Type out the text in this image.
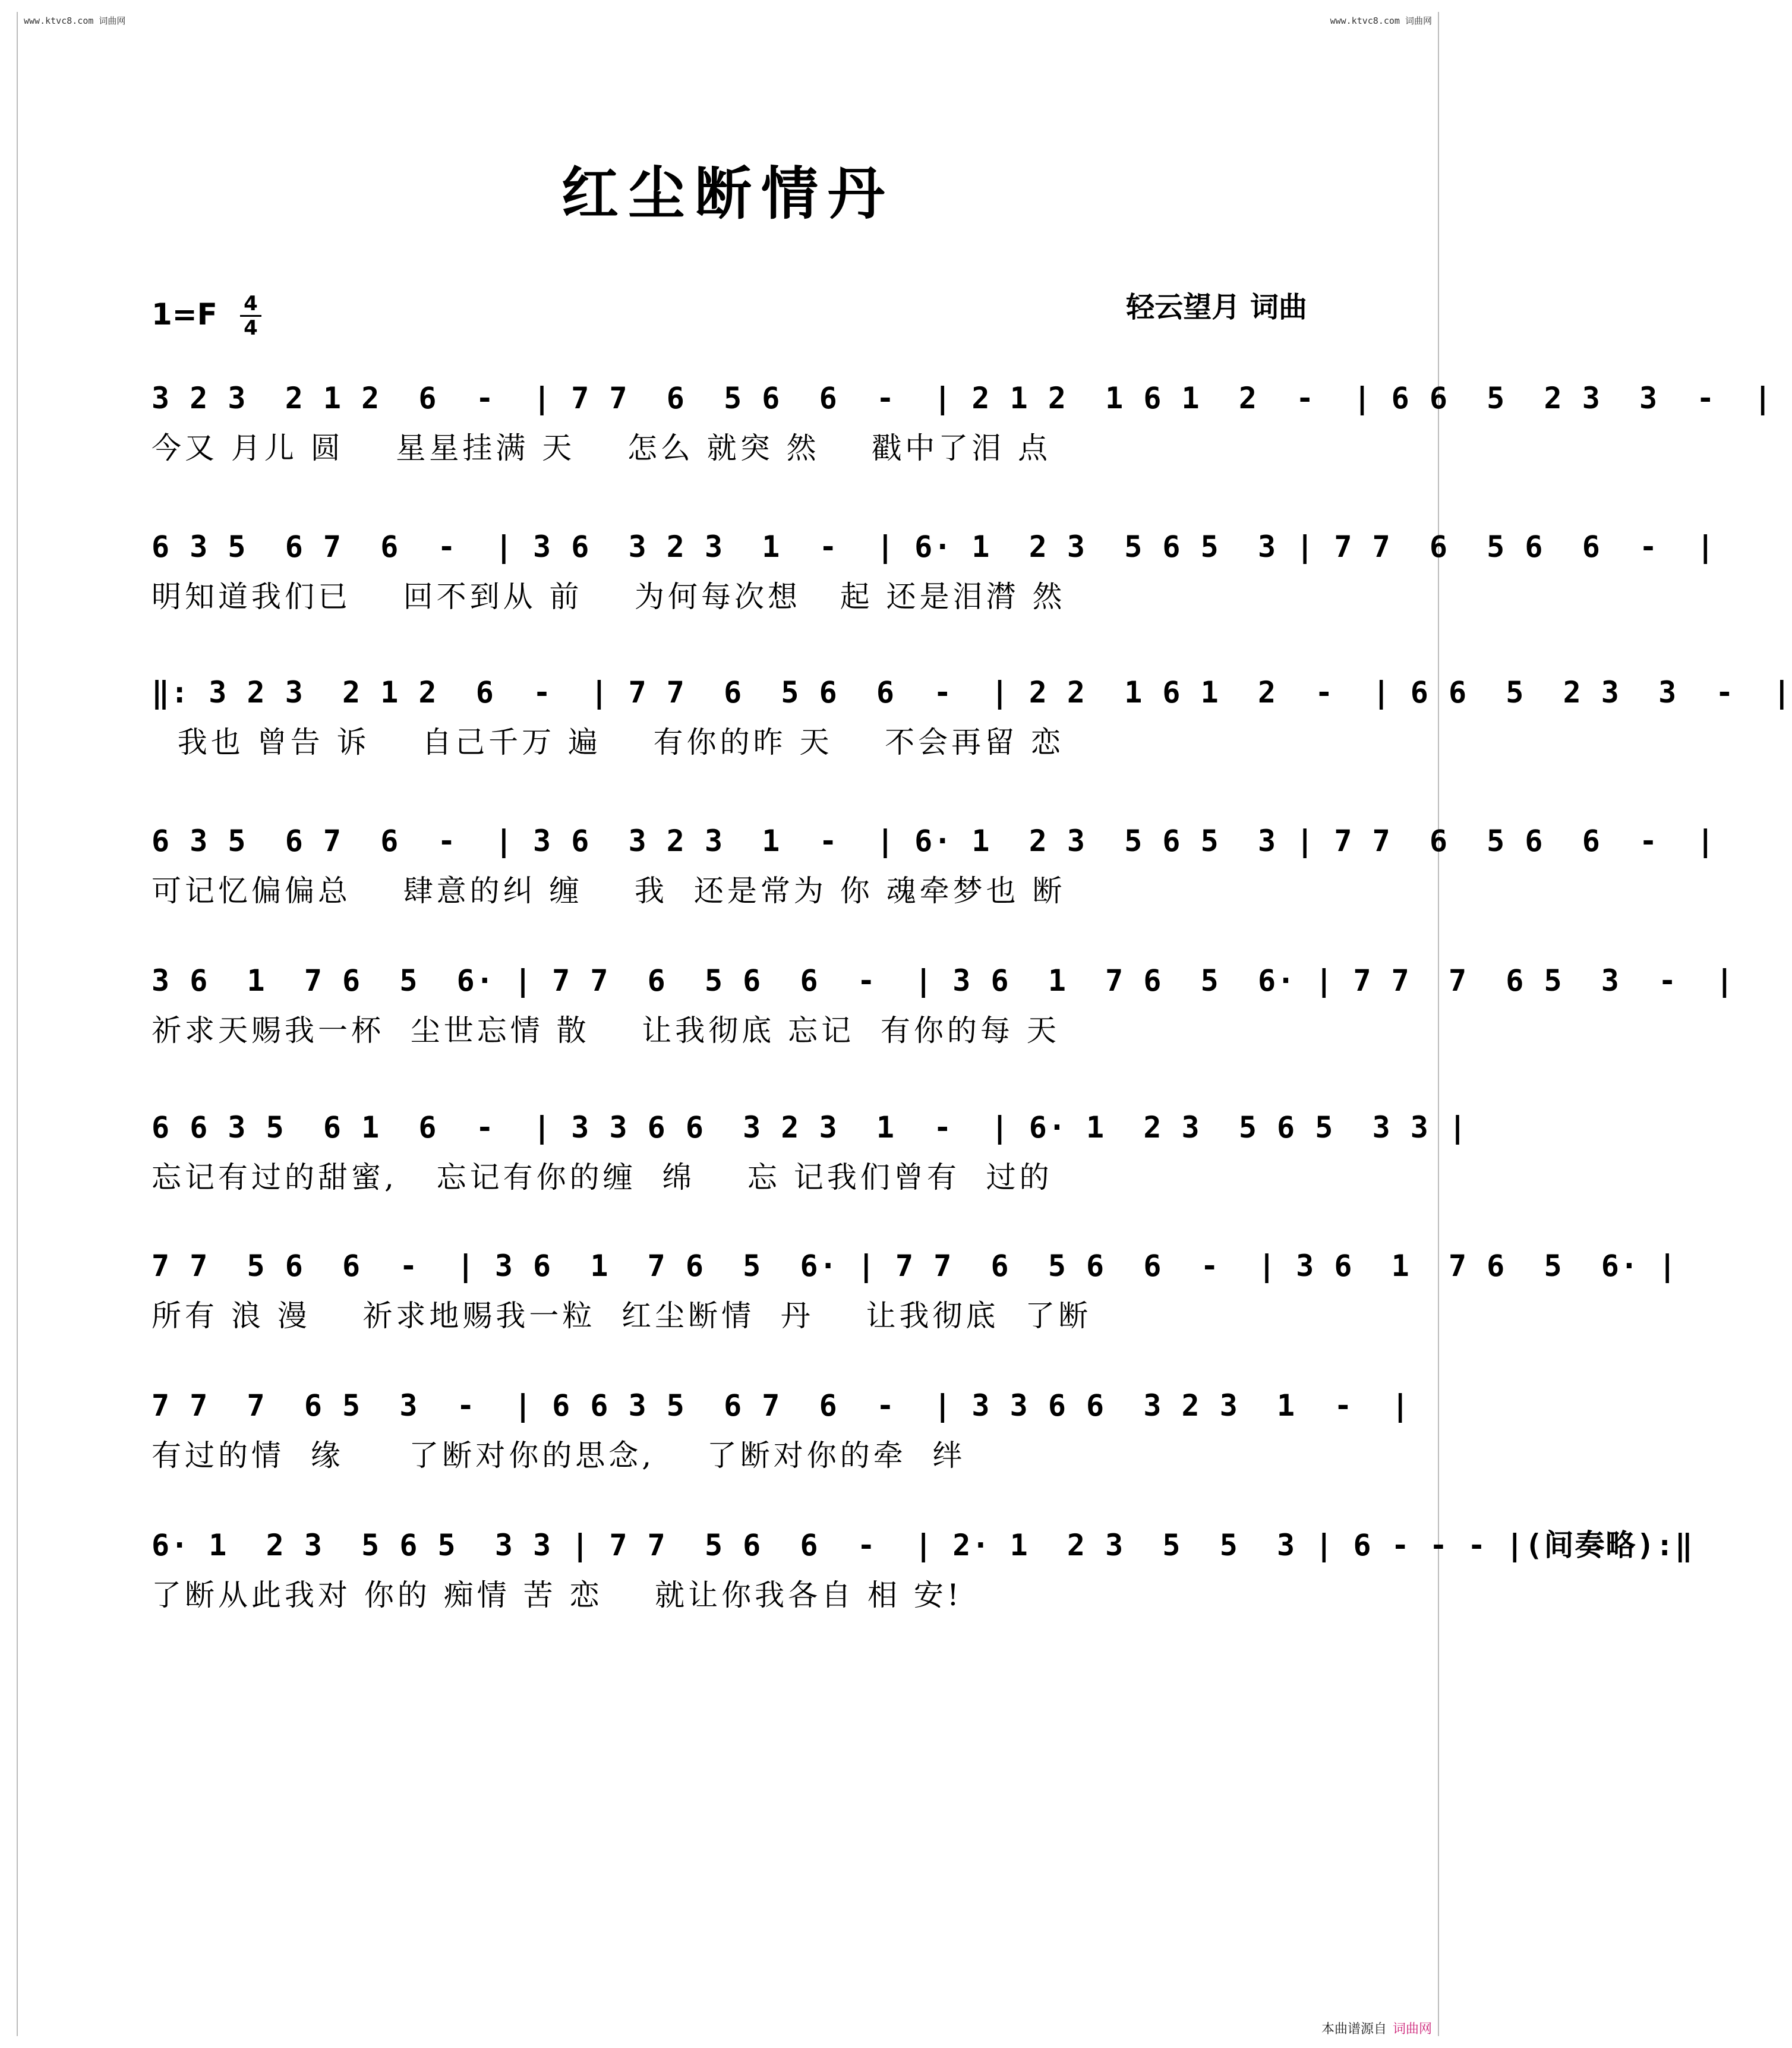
www.ktvc8.com 词曲网	www.ktvc8.com 词曲网
红尘断情丹
轻云望月 词曲
1=F 4
4
3 2 3  2 1 2  6  -  | 7 7  6  5 6  6  -  | 2 1 2  1 6 1  2  -  | 6 6  5  2 3  3  -  |
今又 月儿 圆    星星挂满 天    怎么 就突 然    戳中了泪 点
6 3 5  6 7  6  -  | 3 6  3 2 3  1  -  | 6· 1  2 3  5 6 5  3 | 7 7  6  5 6  6  -  |
明知道我们已    回不到从 前    为何每次想   起 还是泪潸 然
‖: 3 2 3  2 1 2  6  -  | 7 7  6  5 6  6  -  | 2 2  1 6 1  2  -  | 6 6  5  2 3  3  -  |
我也 曾告 诉    自己千万 遍    有你的昨 天    不会再留 恋
6 3 5  6 7  6  -  | 3 6  3 2 3  1  -  | 6· 1  2 3  5 6 5  3 | 7 7  6  5 6  6  -  |
可记忆偏偏总    肆意的纠 缠    我  还是常为 你 魂牵梦也 断
3 6  1  7 6  5  6· | 7 7  6  5 6  6  -  | 3 6  1  7 6  5  6· | 7 7  7  6 5  3  -  |
祈求天赐我一杯  尘世忘情 散    让我彻底 忘记  有你的每 天
6 6 3 5  6 1  6  -  | 3 3 6 6  3 2 3  1  -  | 6· 1  2 3  5 6 5  3 3 |
忘记有过的甜蜜,   忘记有你的缠  绵    忘 记我们曾有  过的
7 7  5 6  6  -  | 3 6  1  7 6  5  6· | 7 7  6  5 6  6  -  | 3 6  1  7 6  5  6· |
所有 浪 漫    祈求地赐我一粒  红尘断情  丹    让我彻底  了断
7 7  7  6 5  3  -  | 6 6 3 5  6 7  6  -  | 3 3 6 6  3 2 3  1  -  |
有过的情  缘     了断对你的思念,    了断对你的牵  绊
6· 1  2 3  5 6 5  3 3 | 7 7  5 6  6  -  | 2· 1  2 3  5  5  3 | 6 - - - |(间奏略):‖
了断从此我对 你的 痴情 苦 恋    就让你我各自 相 安!
本曲谱源自 词曲网
